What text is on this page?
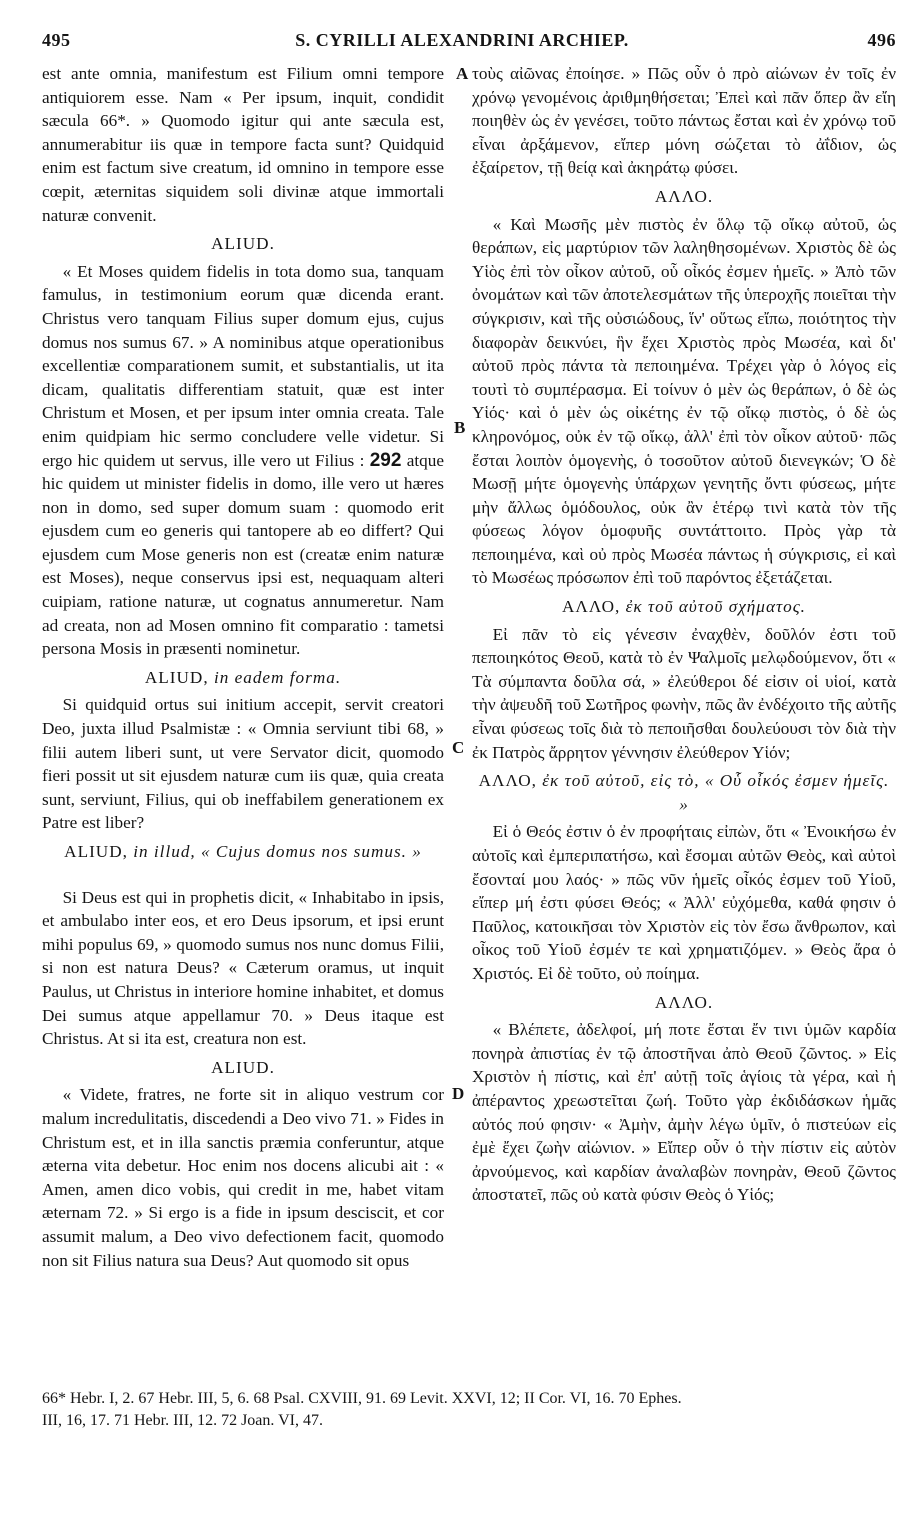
495	S. CYRILLI ALEXANDRINI ARCHIEP.	496
A
B
C
D

est ante omnia, manifestum est Filium omni tempore antiquiorem esse. Nam « Per ipsum, inquit, condidit sæcula 66*. » Quomodo igitur qui ante sæcula est, annumerabitur iis quæ in tempore facta sunt? Quidquid enim est factum sive creatum, id omnino in tempore esse cœpit, æternitas siquidem soli divinæ atque immortali naturæ convenit.

ALIUD.

« Et Moses quidem fidelis in tota domo sua, tanquam famulus, in testimonium eorum quæ dicenda erant. Christus vero tanquam Filius super domum ejus, cujus domus nos sumus 67. » A nominibus atque operationibus excellentiæ comparationem sumit, et substantialis, ut ita dicam, qualitatis differentiam statuit, quæ est inter Christum et Mosen, et per ipsum inter omnia creata. Tale enim quidpiam hic sermo concludere velle videtur. Si ergo hic quidem ut servus, ille vero ut Filius : 292 atque hic quidem ut minister fidelis in domo, ille vero ut hæres non in domo, sed super domum suam : quomodo erit ejusdem cum eo generis qui tantopere ab eo differt? Qui ejusdem cum Mose generis non est (creatæ enim naturæ est Moses), neque conservus ipsi est, nequaquam alteri cuipiam, ratione naturæ, ut cognatus annumeretur. Nam ad creata, non ad Mosen omnino fit comparatio : tametsi persona Mosis in præsenti nominetur.

ALIUD, in eadem forma.

Si quidquid ortus sui initium accepit, servit creatori Deo, juxta illud Psalmistæ : « Omnia serviunt tibi 68, » filii autem liberi sunt, ut vere Servator dicit, quomodo fieri possit ut sit ejusdem naturæ cum iis quæ, quia creata sunt, serviunt, Filius, qui ob ineffabilem generationem ex Patre est liber?

ALIUD, in illud, « Cujus domus nos sumus. »

Si Deus est qui in prophetis dicit, « Inhabitabo in ipsis, et ambulabo inter eos, et ero Deus ipsorum, et ipsi erunt mihi populus 69, » quomodo sumus nos nunc domus Filii, si non est natura Deus? « Cæterum oramus, ut inquit Paulus, ut Christus in interiore homine inhabitet, et domus Dei sumus atque appellamur 70. » Deus itaque est Christus. At si ita est, creatura non est.

ALIUD.

« Videte, fratres, ne forte sit in aliquo vestrum cor malum incredulitatis, discedendi a Deo vivo 71. » Fides in Christum est, et in illa sanctis præmia conferuntur, atque æterna vita debetur. Hoc enim nos docens alicubi ait : « Amen, amen dico vobis, qui credit in me, habet vitam æternam 72. » Si ergo is a fide in ipsum desciscit, et cor assumit malum, a Deo vivo defectionem facit, quomodo non sit Filius natura sua Deus? Aut quomodo sit opus

τοὺς αἰῶνας ἐποίησε. » Πῶς οὖν ὁ πρὸ αἰώνων ἐν τοῖς ἐν χρόνῳ γενομένοις ἀριθμηθήσεται; Ἐπεὶ καὶ πᾶν ὅπερ ἂν εἴη ποιηθὲν ὡς ἐν γενέσει, τοῦτο πάντως ἔσται καὶ ἐν χρόνῳ τοῦ εἶναι ἀρξάμενον, εἴπερ μόνη σώζεται τὸ ἀΐδιον, ὡς ἐξαίρετον, τῇ θείᾳ καὶ ἀκηράτῳ φύσει.

ΑΛΛΟ.

« Καὶ Μωσῆς μὲν πιστὸς ἐν ὅλῳ τῷ οἴκῳ αὐτοῦ, ὡς θεράπων, εἰς μαρτύριον τῶν λαληθησομένων. Χριστὸς δὲ ὡς Υἱὸς ἐπὶ τὸν οἶκον αὐτοῦ, οὗ οἶκός ἐσμεν ἡμεῖς. » Ἀπὸ τῶν ὀνομάτων καὶ τῶν ἀποτελεσμάτων τῆς ὑπεροχῆς ποιεῖται τὴν σύγκρισιν, καὶ τῆς οὐσιώδους, ἵν' οὕτως εἴπω, ποιότητος τὴν διαφορὰν δεικνύει, ἣν ἔχει Χριστὸς πρὸς Μωσέα, καὶ δι' αὐτοῦ πρὸς πάντα τὰ πεποιημένα. Τρέχει γὰρ ὁ λόγος εἰς τουτὶ τὸ συμπέρασμα. Εἰ τοίνυν ὁ μὲν ὡς θεράπων, ὁ δὲ ὡς Υἱός· καὶ ὁ μὲν ὡς οἰκέτης ἐν τῷ οἴκῳ πιστὸς, ὁ δὲ ὡς κληρονόμος, οὐκ ἐν τῷ οἴκῳ, ἀλλ' ἐπὶ τὸν οἶκον αὐτοῦ· πῶς ἔσται λοιπὸν ὁμογενὴς, ὁ τοσοῦτον αὐτοῦ διενεγκών; Ὁ δὲ Μωσῇ μήτε ὁμογενὴς ὑπάρχων γενητῆς ὄντι φύσεως, μήτε μὴν ἄλλως ὁμόδουλος, οὐκ ἂν ἑτέρῳ τινὶ κατὰ τὸν τῆς φύσεως λόγον ὁμοφυῆς συντάττοιτο. Πρὸς γὰρ τὰ πεποιημένα, καὶ οὐ πρὸς Μωσέα πάντως ἡ σύγκρισις, εἰ καὶ τὸ Μωσέως πρόσωπον ἐπὶ τοῦ παρόντος ἐξετάζεται.

ΑΛΛΟ, ἐκ τοῦ αὐτοῦ σχήματος.

Εἰ πᾶν τὸ εἰς γένεσιν ἐναχθὲν, δοῦλόν ἐστι τοῦ πεποιηκότος Θεοῦ, κατὰ τὸ ἐν Ψαλμοῖς μελῳδούμενον, ὅτι « Τὰ σύμπαντα δοῦλα σά, » ἐλεύθεροι δέ εἰσιν οἱ υἱοί, κατὰ τὴν ἀψευδῆ τοῦ Σωτῆρος φωνὴν, πῶς ἂν ἐνδέχοιτο τῆς αὐτῆς εἶναι φύσεως τοῖς διὰ τὸ πεποιῆσθαι δουλεύουσι τὸν διὰ τὴν ἐκ Πατρὸς ἄρρητον γέννησιν ἐλεύθερον Υἱόν;

ΑΛΛΟ, ἐκ τοῦ αὐτοῦ, εἰς τὸ, « Οὗ οἶκός ἐσμεν ἡμεῖς. »

Εἰ ὁ Θεός ἐστιν ὁ ἐν προφήταις εἰπὼν, ὅτι « Ἐνοικήσω ἐν αὐτοῖς καὶ ἐμπεριπατήσω, καὶ ἔσομαι αὐτῶν Θεὸς, καὶ αὐτοὶ ἔσονταί μου λαός· » πῶς νῦν ἡμεῖς οἶκός ἐσμεν τοῦ Υἱοῦ, εἴπερ μή ἐστι φύσει Θεός; « Ἀλλ' εὐχόμεθα, καθά φησιν ὁ Παῦλος, κατοικῆσαι τὸν Χριστὸν εἰς τὸν ἔσω ἄνθρωπον, καὶ οἶκος τοῦ Υἱοῦ ἐσμέν τε καὶ χρηματιζόμεν. » Θεὸς ἄρα ὁ Χριστός. Εἰ δὲ τοῦτο, οὐ ποίημα.

ΑΛΛΟ.

« Βλέπετε, ἀδελφοί, μή ποτε ἔσται ἔν τινι ὑμῶν καρδία πονηρὰ ἀπιστίας ἐν τῷ ἀποστῆναι ἀπὸ Θεοῦ ζῶντος. » Εἰς Χριστὸν ἡ πίστις, καὶ ἐπ' αὐτῇ τοῖς ἁγίοις τὰ γέρα, καὶ ἡ ἀπέραντος χρεωστεῖται ζωή. Τοῦτο γὰρ ἐκδιδάσκων ἡμᾶς αὐτός πού φησιν· « Ἀμὴν, ἀμὴν λέγω ὑμῖν, ὁ πιστεύων εἰς ἐμὲ ἔχει ζωὴν αἰώνιον. » Εἴπερ οὖν ὁ τὴν πίστιν εἰς αὐτὸν ἀρνούμενος, καὶ καρδίαν ἀναλαβὼν πονηρὰν, Θεοῦ ζῶντος ἀποστατεῖ, πῶς οὐ κατὰ φύσιν Θεὸς ὁ Υἱός;

66* Hebr. I, 2. 67 Hebr. III, 5, 6. 68 Psal. CXVIII, 91. 69 Levit. XXVI, 12; II Cor. VI, 16. 70 Ephes.

III, 16, 17. 71 Hebr. III, 12. 72 Joan. VI, 47.
